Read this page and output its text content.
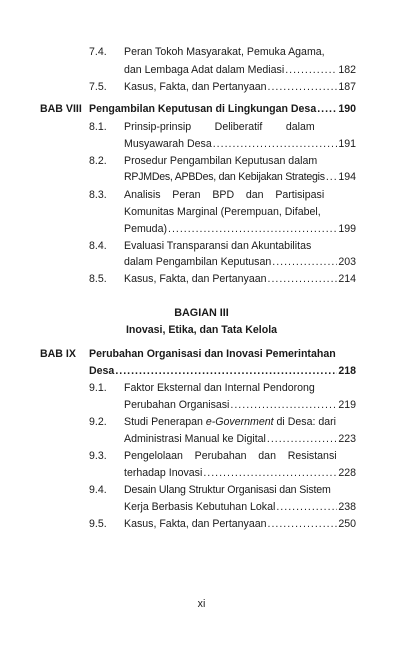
7.4. Peran Tokoh Masyarakat, Pemuka Agama,
dan Lembaga Adat dalam Mediasi .....	182
7.5. Kasus, Fakta, dan Pertanyaan .....	187
BAB VIII Pengambilan Keputusan di Lingkungan Desa ..... 190
8.1. Prinsip-prinsip        Deliberatif        dalam
Musyawarah Desa .....	191
8.2. Prosedur Pengambilan Keputusan dalam
RPJMDes, APBDes, dan Kebijakan Strategis ..... 194
8.3. Analisis    Peran    BPD    dan    Partisipasi
Komunitas Marginal (Perempuan, Difabel,
Pemuda) .....	199
8.4. Evaluasi Transparansi dan Akuntabilitas
dalam Pengambilan Keputusan .....	203
8.5. Kasus, Fakta, dan Pertanyaan .....	214
BAGIAN III
Inovasi, Etika, dan Tata Kelola
BAB IX Perubahan Organisasi dan Inovasi Pemerintahan
Desa .....	218
9.1. Faktor Eksternal dan Internal Pendorong
Perubahan Organisasi .....	219
9.2. Studi Penerapan e-Government di Desa: dari
Administrasi Manual ke Digital .....	223
9.3. Pengelolaan    Perubahan    dan    Resistansi
terhadap Inovasi .....	228
9.4. Desain Ulang Struktur Organisasi dan Sistem
Kerja Berbasis Kebutuhan Lokal .....	238
9.5. Kasus, Fakta, dan Pertanyaan .....	250
xi
